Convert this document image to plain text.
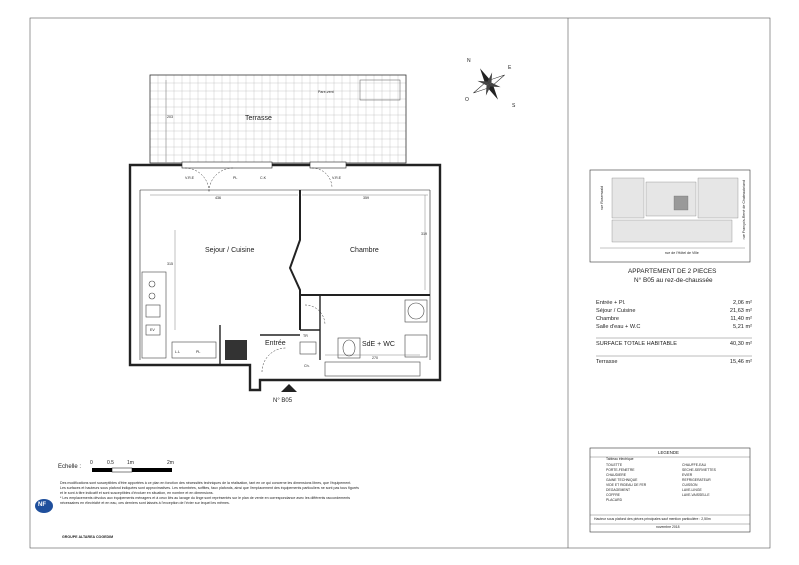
N
E
S
O
Terrasse
Sejour / Cuisine	Chambre
SdE + WC
Entrée
N° B05
Pare-vent
V.R.E	PL	C.K	V.R.E
L.L	PL
EV
TR
Ch.
203
436	359
315
319
270
Echelle :
0	0.5	1m	2m
Des modifications sont susceptibles d'être apportées à ce plan en fonction des nécessités techniques de la réalisation, tant en ce qui concerne les dimensions libres, que l'équipement.
Les surfaces et hauteurs sous plafond indiquées sont approximatives. Les retombées, soffites, faux plafonds, ainsi que l'emplacement des équipements particuliers ne sont pas tous figurés
et le sont à titre indicatif et sont susceptibles d'évoluer en situation, en nombre et en dimensions.
* Les emplacements dévolus aux équipements ménagers et à ceux liés au lavage du linge sont représentés sur le plan de vente en correspondance avec les différents raccordements
nécessaires en électricité et en eau, ces derniers sont laissés à l'exception de l'évier sur lequel les mêmes.
NF
GROUPE ALTAREA COGEDIM
rue Rosenwald	rue François-René de Chateaubriand
rue de l'Hôtel de Ville
APPARTEMENT DE 2 PIECES
N° B05 au rez-de-chaussée
Entrée + Pl.	2,06 m²
Séjour / Cuisine	21,63 m²
Chambre	11,40 m²
Salle d'eau + W.C	5,21 m²
SURFACE TOTALE HABITABLE	40,30 m²
Terrasse	15,46 m²
LEGENDE
Tableau électrique
TOILETTE
PORTE-FENETRE
CHAUDIERE
GAINE TECHNIQUE
VIDE ET RIDEAU DE FER
DEGAGEMENT
COFFRE
PLACARD
CHAUFFE-EAU
SECHE-SERVIETTES
EVIER
REFRIGERATEUR
CUISSON
LAVE-LINGE
LAVE-VAISSELLE
Hauteur sous plafond des pièces principales sauf mention particulière : 2,50m
novembre 2018
